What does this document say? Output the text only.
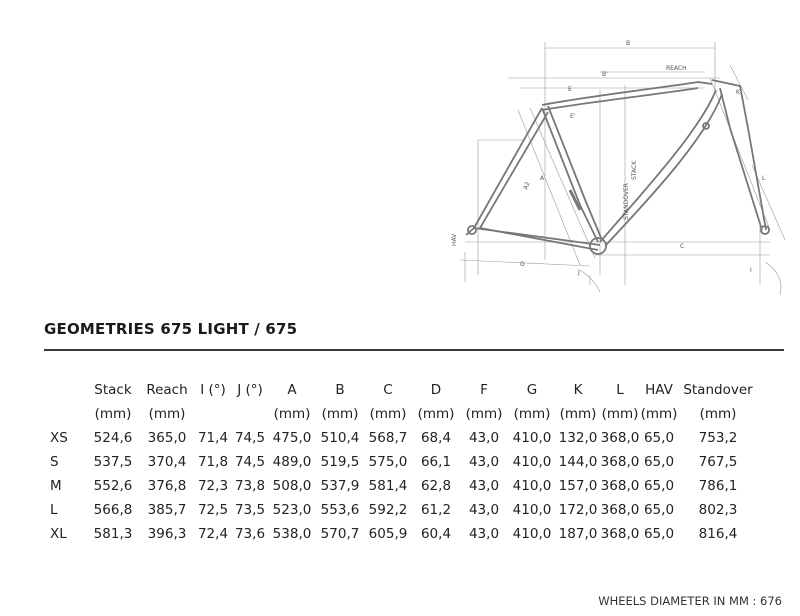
B
REACH
B'
E
E'
STACK
STANDOVER
A
A2
K
C
L
G
J
HAV
I
GEOMETRIES 675 LIGHT / 675
	Stack	Reach	I (°)	J (°)	A	B	C	D	F	G	K	L	HAV	Standover
	(mm)	(mm)			(mm)	(mm)	(mm)	(mm)	(mm)	(mm)	(mm)	(mm)	(mm)	(mm)
XS	524,6	365,0	71,4	74,5	475,0	510,4	568,7	68,4	43,0	410,0	132,0	368,0	65,0	753,2
S	537,5	370,4	71,8	74,5	489,0	519,5	575,0	66,1	43,0	410,0	144,0	368,0	65,0	767,5
M	552,6	376,8	72,3	73,8	508,0	537,9	581,4	62,8	43,0	410,0	157,0	368,0	65,0	786,1
L	566,8	385,7	72,5	73,5	523,0	553,6	592,2	61,2	43,0	410,0	172,0	368,0	65,0	802,3
XL	581,3	396,3	72,4	73,6	538,0	570,7	605,9	60,4	43,0	410,0	187,0	368,0	65,0	816,4
WHEELS DIAMETER IN MM : 676
